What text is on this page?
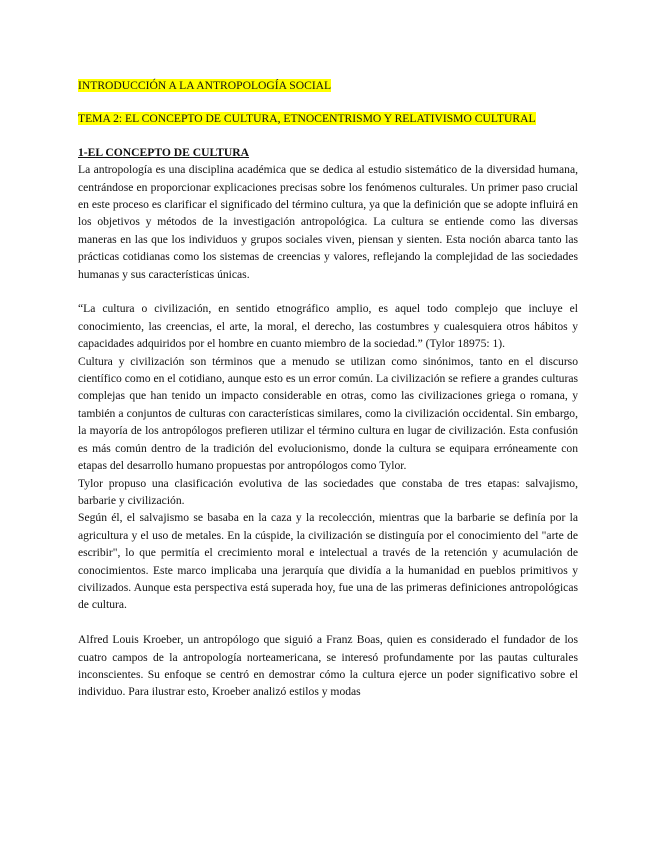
INTRODUCCIÓN A LA ANTROPOLOGÍA SOCIAL
TEMA 2: EL CONCEPTO DE CULTURA, ETNOCENTRISMO Y RELATIVISMO CULTURAL
1-EL CONCEPTO DE CULTURA

La antropología es una disciplina académica que se dedica al estudio sistemático de la diversidad humana, centrándose en proporcionar explicaciones precisas sobre los fenómenos culturales. Un primer paso crucial en este proceso es clarificar el significado del término cultura, ya que la definición que se adopte influirá en los objetivos y métodos de la investigación antropológica. La cultura se entiende como las diversas maneras en las que los individuos y grupos sociales viven, piensan y sienten. Esta noción abarca tanto las prácticas cotidianas como los sistemas de creencias y valores, reflejando la complejidad de las sociedades humanas y sus características únicas.

“La cultura o civilización, en sentido etnográfico amplio, es aquel todo complejo que incluye el conocimiento, las creencias, el arte, la moral, el derecho, las costumbres y cualesquiera otros hábitos y capacidades adquiridos por el hombre en cuanto miembro de la sociedad.” (Tylor 18975: 1).

Cultura y civilización son términos que a menudo se utilizan como sinónimos, tanto en el discurso científico como en el cotidiano, aunque esto es un error común. La civilización se refiere a grandes culturas complejas que han tenido un impacto considerable en otras, como las civilizaciones griega o romana, y también a conjuntos de culturas con características similares, como la civilización occidental. Sin embargo, la mayoría de los antropólogos prefieren utilizar el término cultura en lugar de civilización. Esta confusión es más común dentro de la tradición del evolucionismo, donde la cultura se equipara erróneamente con etapas del desarrollo humano propuestas por antropólogos como Tylor.

Tylor propuso una clasificación evolutiva de las sociedades que constaba de tres etapas: salvajismo, barbarie y civilización.

Según él, el salvajismo se basaba en la caza y la recolección, mientras que la barbarie se definía por la agricultura y el uso de metales. En la cúspide, la civilización se distinguía por el conocimiento del "arte de escribir", lo que permitía el crecimiento moral e intelectual a través de la retención y acumulación de conocimientos. Este marco implicaba una jerarquía que dividía a la humanidad en pueblos primitivos y civilizados. Aunque esta perspectiva está superada hoy, fue una de las primeras definiciones antropológicas de cultura.

Alfred Louis Kroeber, un antropólogo que siguió a Franz Boas, quien es considerado el fundador de los cuatro campos de la antropología norteamericana, se interesó profundamente por las pautas culturales inconscientes. Su enfoque se centró en demostrar cómo la cultura ejerce un poder significativo sobre el individuo. Para ilustrar esto, Kroeber analizó estilos y modas
